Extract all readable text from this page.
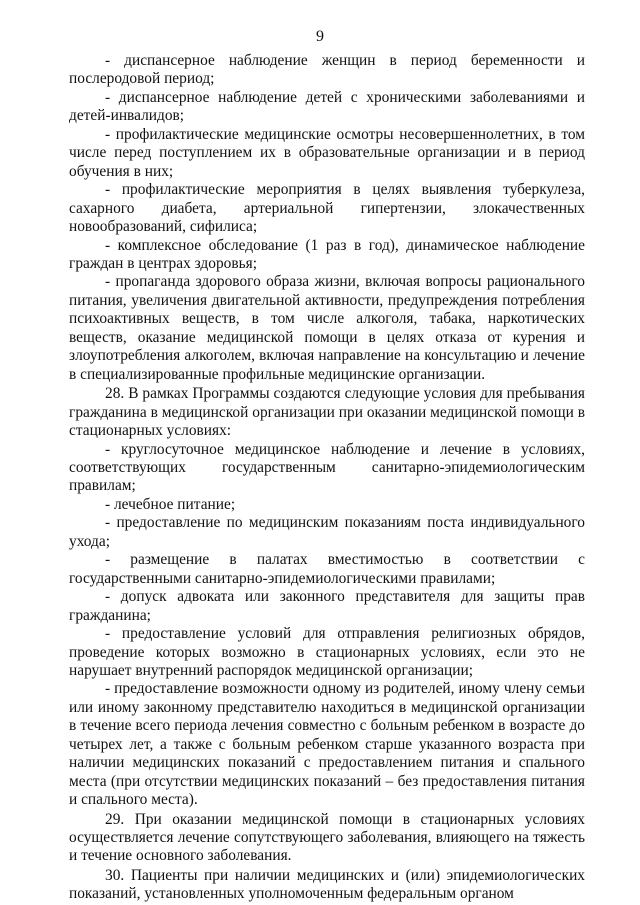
9

- диспансерное наблюдение женщин в период беременности и послеродовой период;

- диспансерное наблюдение детей с хроническими заболеваниями и детей-инвалидов;

- профилактические медицинские осмотры несовершеннолетних, в том числе перед поступлением их в образовательные организации и в период обучения в них;

- профилактические мероприятия в целях выявления туберкулеза, сахарного диабета, артериальной гипертензии, злокачественных новообразований, сифилиса;

- комплексное обследование (1 раз в год), динамическое наблюдение граждан в центрах здоровья;

- пропаганда здорового образа жизни, включая вопросы рационального питания, увеличения двигательной активности, предупреждения потребления психоактивных веществ, в том числе алкоголя, табака, наркотических веществ, оказание медицинской помощи в целях отказа от курения и злоупотребления алкоголем, включая направление на консультацию и лечение в специализированные профильные медицинские организации.

28. В рамках Программы создаются следующие условия для пребывания гражданина в медицинской организации при оказании медицинской помощи в стационарных условиях:

- круглосуточное медицинское наблюдение и лечение в условиях, соответствующих государственным санитарно-эпидемиологическим правилам;

- лечебное питание;

- предоставление по медицинским показаниям поста индивидуального ухода;

- размещение в палатах вместимостью в соответствии с государственными санитарно-эпидемиологическими правилами;

- допуск адвоката или законного представителя для защиты прав гражданина;

- предоставление условий для отправления религиозных обрядов, проведение которых возможно в стационарных условиях, если это не нарушает внутренний распорядок медицинской организации;

- предоставление возможности одному из родителей, иному члену семьи или иному законному представителю находиться в медицинской организации в течение всего периода лечения совместно с больным ребенком в возрасте до четырех лет, а также с больным ребенком старше указанного возраста при наличии медицинских показаний с предоставлением питания и спального места (при отсутствии медицинских показаний – без предоставления питания и спального места).

29. При оказании медицинской помощи в стационарных условиях осуществляется лечение сопутствующего заболевания, влияющего на тяжесть и течение основного заболевания.

30. Пациенты при наличии медицинских и (или) эпидемиологических показаний, установленных уполномоченным федеральным органом
